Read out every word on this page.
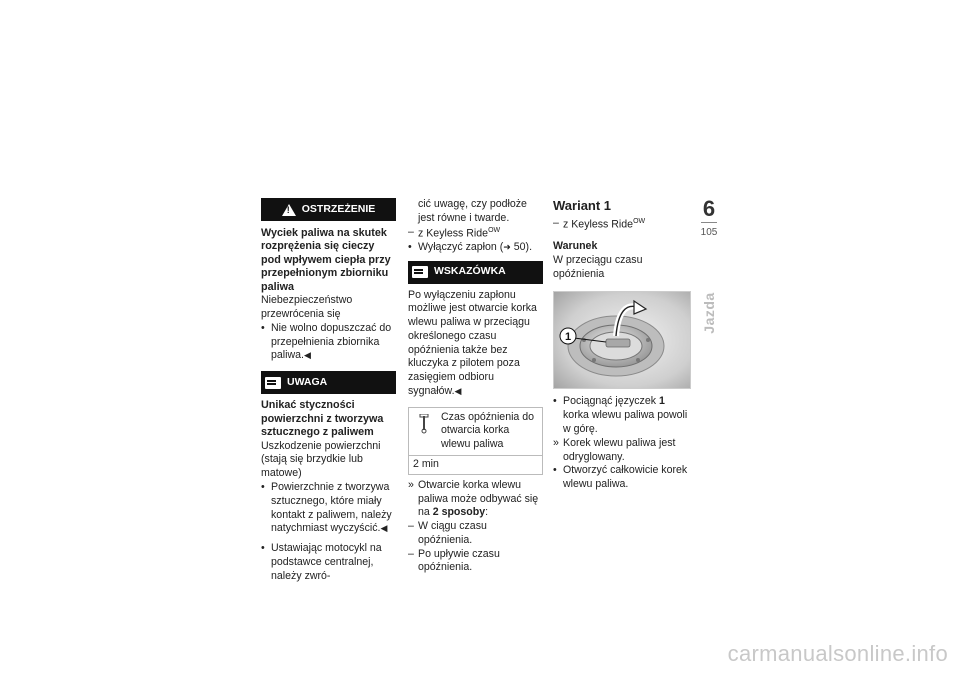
!
OSTRZEŻENIE

Wyciek paliwa na skutek rozprężenia się cieczy pod wpływem ciepła przy przepełnionym zbiorniku paliwa

Niebezpieczeństwo przewrócenia się

• Nie wolno dopuszczać do przepełnienia zbiornika paliwa.◀
UWAGA

Unikać styczności powierzchni z tworzywa sztucznego z paliwem

Uszkodzenie powierzchni (stają się brzydkie lub matowe)

• Powierzchnie z tworzywa sztucznego, które miały kontakt z paliwem, należy natychmiast wyczyścić.◀
• Ustawiając motocykl na podstawce centralnej, należy zwró-
cić uwagę, czy podłoże jest równe i twarde.
– z Keyless Ride$^{OW}$
• Wyłączyć zapłon (➜ 50).
WSKAZÓWKA

Po wyłączeniu zapłonu możliwe jest otwarcie korka wlewu paliwa w przeciągu określonego czasu opóźnienia także bez kluczyka z pilotem poza zasięgiem odbioru sygnałów.◀

Czas opóźnienia do otwarcia korka wlewu paliwa
2 min
» Otwarcie korka wlewu paliwa może odbywać się na 2 sposoby:
– W ciągu czasu opóźnienia.
– Po upływie czasu opóźnienia.
Wariant 1
– z Keyless Ride$^{OW}$
Warunek

W przeciągu czasu opóźnienia

1
• Pociągnąć języczek 1 korka wlewu paliwa powoli w górę.
» Korek wlewu paliwa jest odryglowany.
• Otworzyć całkowicie korek wlewu paliwa.
6
105
Jazda
carmanualsonline.info
